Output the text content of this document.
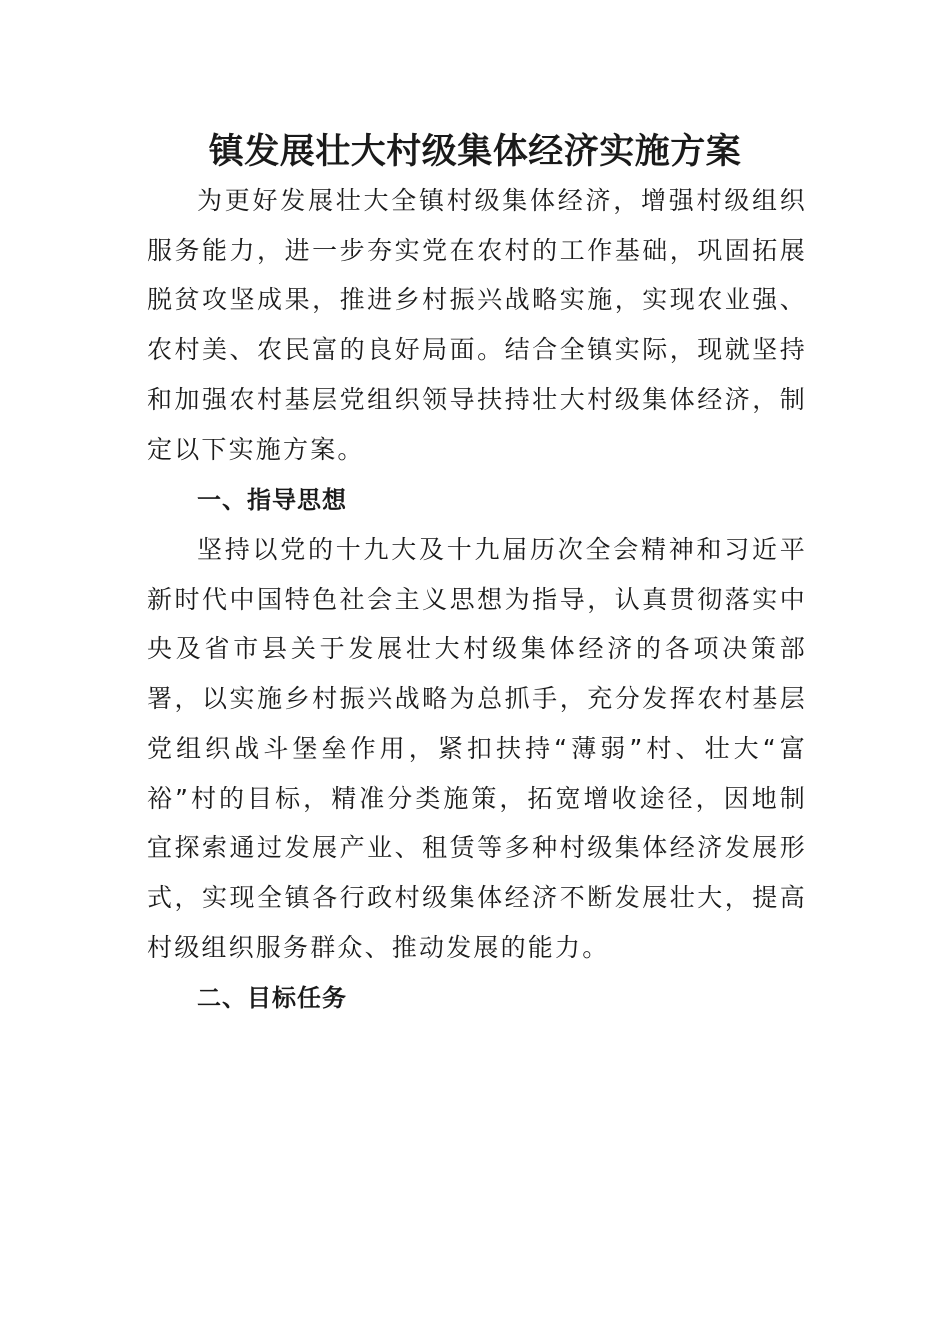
镇发展壮大村级集体经济实施方案

为更好发展壮大全镇村级集体经济，增强村级组织服务能力，进一步夯实党在农村的工作基础，巩固拓展脱贫攻坚成果，推进乡村振兴战略实施，实现农业强、农村美、农民富的良好局面。结合全镇实际，现就坚持和加强农村基层党组织领导扶持壮大村级集体经济，制定以下实施方案。

一、指导思想

坚持以党的十九大及十九届历次全会精神和习近平新时代中国特色社会主义思想为指导，认真贯彻落实中央及省市县关于发展壮大村级集体经济的各项决策部署，以实施乡村振兴战略为总抓手，充分发挥农村基层党组织战斗堡垒作用，紧扣扶持“薄弱”村、壮大“富裕”村的目标，精准分类施策，拓宽增收途径，因地制宜探索通过发展产业、租赁等多种村级集体经济发展形式，实现全镇各行政村级集体经济不断发展壮大，提高村级组织服务群众、推动发展的能力。

二、目标任务
